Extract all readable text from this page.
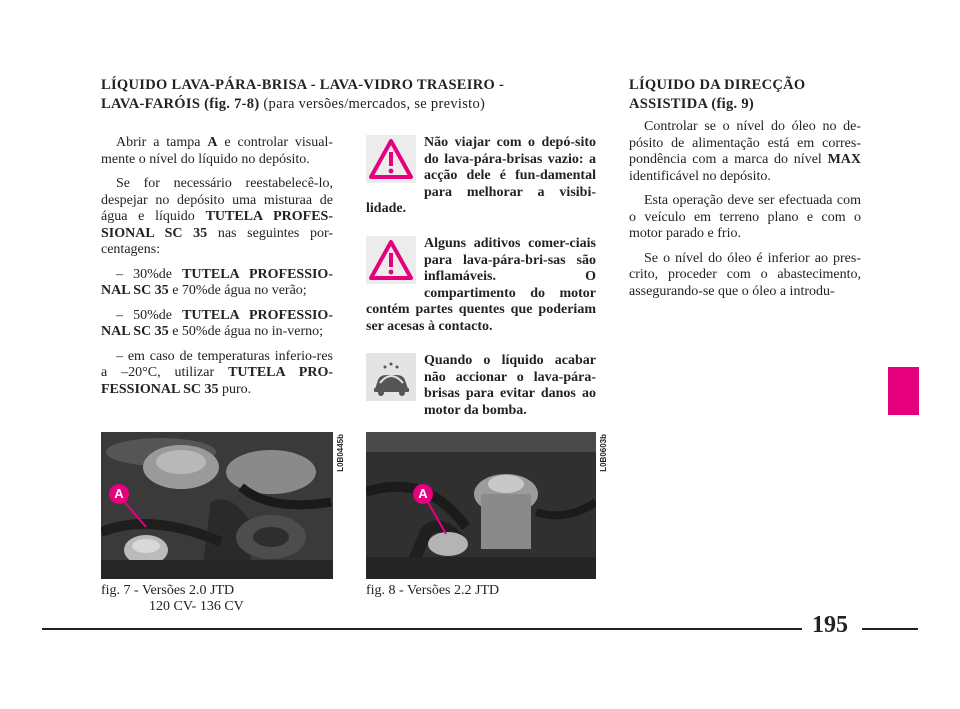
LÍQUIDO LAVA-PÁRA-BRISA - LAVA-VIDRO TRASEIRO - LAVA-FARÓIS (fig. 7-8) (para versões/mercados, se previsto)

Abrir a tampa A e controlar visual-mente o nível do líquido no depósito.

Se for necessário reestabelecê-lo, despejar no depósito uma misturaa de água e líquido TUTELA PROFES-SIONAL SC 35 nas seguintes por-centagens:

– 30%de TUTELA PROFESSIO-NAL SC 35 e 70%de água no verão;

– 50%de TUTELA PROFESSIO-NAL SC 35 e 50%de água no in-verno;

– em caso de temperaturas inferio-res a –20°C, utilizar TUTELA PRO-FESSIONAL SC 35 puro.

Não viajar com o depó-sito do lava-pára-brisas vazio: a acção dele é fun-damental para melhorar a visibi-lidade.
Alguns aditivos comer-ciais para lava-pára-bri-sas são inflamáveis. O compartimento do motor contém partes quentes que poderiam ser acesas à contacto.
Quando o líquido acabar não accionar o lava-pára-brisas para evitar danos ao motor da bomba.
LÍQUIDO DA DIRECÇÃO ASSISTIDA (fig. 9)

Controlar se o nível do óleo no de-pósito de alimentação está em corres-pondência com a marca do nível MAX identificável no depósito.

Esta operação deve ser efectuada com o veículo em terreno plano e com o motor parado e frio.

Se o nível do óleo é inferior ao pres-crito, proceder com o abastecimento, assegurando-se que o óleo a introdu-

A
L0B0445b
fig. 7 - Versões 2.0 JTD
120 CV- 136 CV
A
L0B0603b
fig. 8 - Versões 2.2 JTD
195
